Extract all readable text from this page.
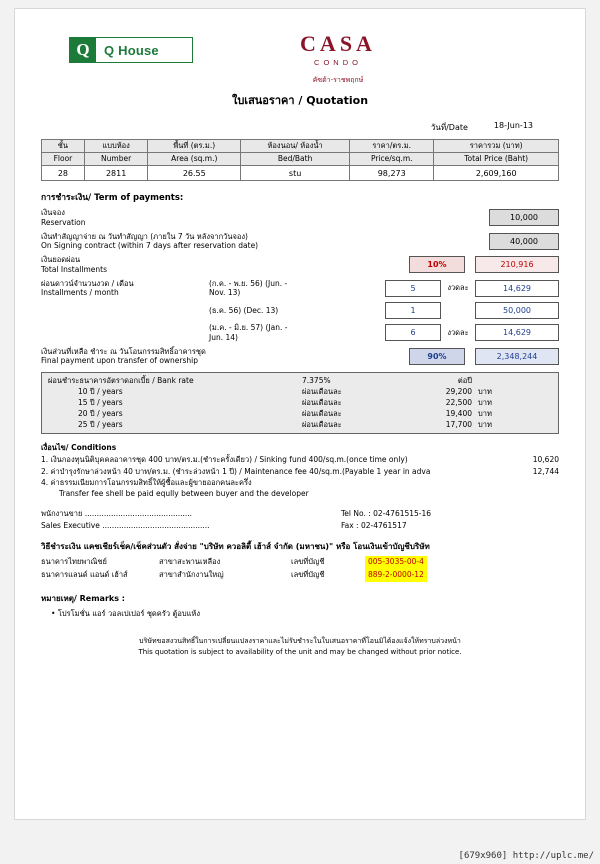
Q	Q House	CASA
CONDO
คัซต้า-ราชพฤกษ์
ใบเสนอราคา / Quotation
วันที่/Date	18-Jun-13
ชั้น	แบบห้อง	พื้นที่ (ตร.ม.)	ห้องนอน/ ห้องน้ำ	ราคา/ตร.ม.	ราคารวม (บาท)
Floor	Number	Area (sq.m.)	Bed/Bath	Price/sq.m.	Total Price (Baht)
28	2811	26.55	stu	98,273	2,609,160
การชำระเงิน/ Term of payments:
เงินจอง
Reservation	10,000
เงินทำสัญญาจ่าย ณ วันทำสัญญา (ภายใน 7 วัน หลังจากวันจอง)
On Signing contract (within 7 days after reservation date)	40,000
เงินยอดผ่อน
Total Installments	10%	210,916
ผ่อนดาวน์จำนวนงวด / เดือน
Installments / month
(ก.ค. - พ.ย. 56) (Jun. - Nov. 13)	5	งวดละ	14,629
(ธ.ค. 56) (Dec. 13)	1	50,000
(ม.ค. - มิ.ย. 57) (Jan. - Jun. 14)	6	งวดละ	14,629
เงินส่วนที่เหลือ ชำระ ณ วันโอนกรรมสิทธิ์อาคารชุด
Final payment upon transfer of ownership	90%	2,348,244
ผ่อนชำระธนาคารอัตราดอกเบี้ย / Bank rate	7.375%	ต่อปี
10 ปี / years	ผ่อนเดือนละ	29,200 บาท
15 ปี / years	ผ่อนเดือนละ	22,500 บาท
20 ปี / years	ผ่อนเดือนละ	19,400 บาท
25 ปี / years	ผ่อนเดือนละ	17,700 บาท
เงื่อนไข/ Conditions
1. เงินกองทุนนิติบุคคลอาคารชุด 400 บาท/ตร.ม.(ชำระครั้งเดียว) / Sinking fund 400/sq.m.(once time only)	10,620
2. ค่าบำรุงรักษาล่วงหน้า 40 บาท/ตร.ม. (ชำระล่วงหน้า 1 ปี) / Maintenance fee 40/sq.m.(Payable 1 year in adva	12,744
4. ค่าธรรมเนียมการโอนกรรมสิทธิ์ให้ผู้ซื้อและผู้ขายออกคนละครึ่ง
Transfer fee shell be paid eqully between buyer and the developer
พนักงานขาย .............................................	Tel No. : 02-4761515-16
Sales Executive .............................................	Fax : 02-4761517
วิธีชำระเงิน แคชเชียร์เช็ค/เช็คส่วนตัว สั่งจ่าย "บริษัท ควอลิตี้ เฮ้าส์ จำกัด (มหาชน)" หรือ โอนเงินเข้าบัญชีบริษัท
ธนาคารไทยพาณิชย์	สาขาสะพานเหลือง	เลขที่บัญชี	005-3035-00-4
ธนาคารแลนด์ แอนด์ เฮ้าส์	สาขาสำนักงานใหญ่	เลขที่บัญชี	889-2-0000-12
หมายเหตุ/ Remarks :
• โปรโมชั่น แอร์ วอลเปเปอร์ ชุดครัว ตู้อบแห้ง
บริษัทขอสงวนสิทธิ์ในการเปลี่ยนแปลงราคาและไม่รับชำระในใบเสนอราคาที่โอนมิได้องแจ้งให้ทราบล่วงหน้า
This quotation is subject to availability of the unit and may be changed without prior notice.
[679x960] http://uplc.me/
